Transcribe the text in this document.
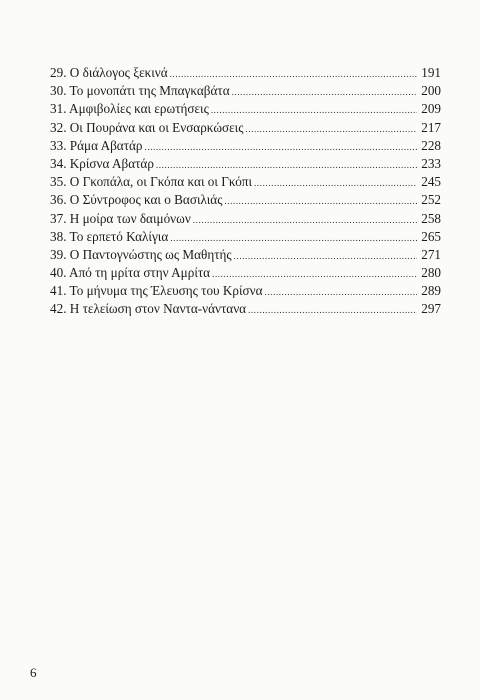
29. Ο διάλογος ξεκινά .....	191
30. Το μονοπάτι της Μπαγκαβάτα .....	200
31. Αμφιβολίες και ερωτήσεις .....	209
32. Οι Πουράνα και οι Ενσαρκώσεις .....	217
33. Ράμα Αβατάρ .....	228
34. Κρίσνα Αβατάρ .....	233
35. Ο Γκοπάλα, οι Γκόπα και οι Γκόπι .....	245
36. Ο Σύντροφος και ο Βασιλιάς .....	252
37. Η μοίρα των δαιμόνων .....	258
38. Το ερπετό Καλίγια .....	265
39. Ο Παντογνώστης ως Μαθητής .....	271
40. Από τη μρίτα στην Αμρίτα .....	280
41. Το μήνυμα της Έλευσης του Κρίσνα .....	289
42. Η τελείωση στον Ναντα-νάντανα .....	297
6
